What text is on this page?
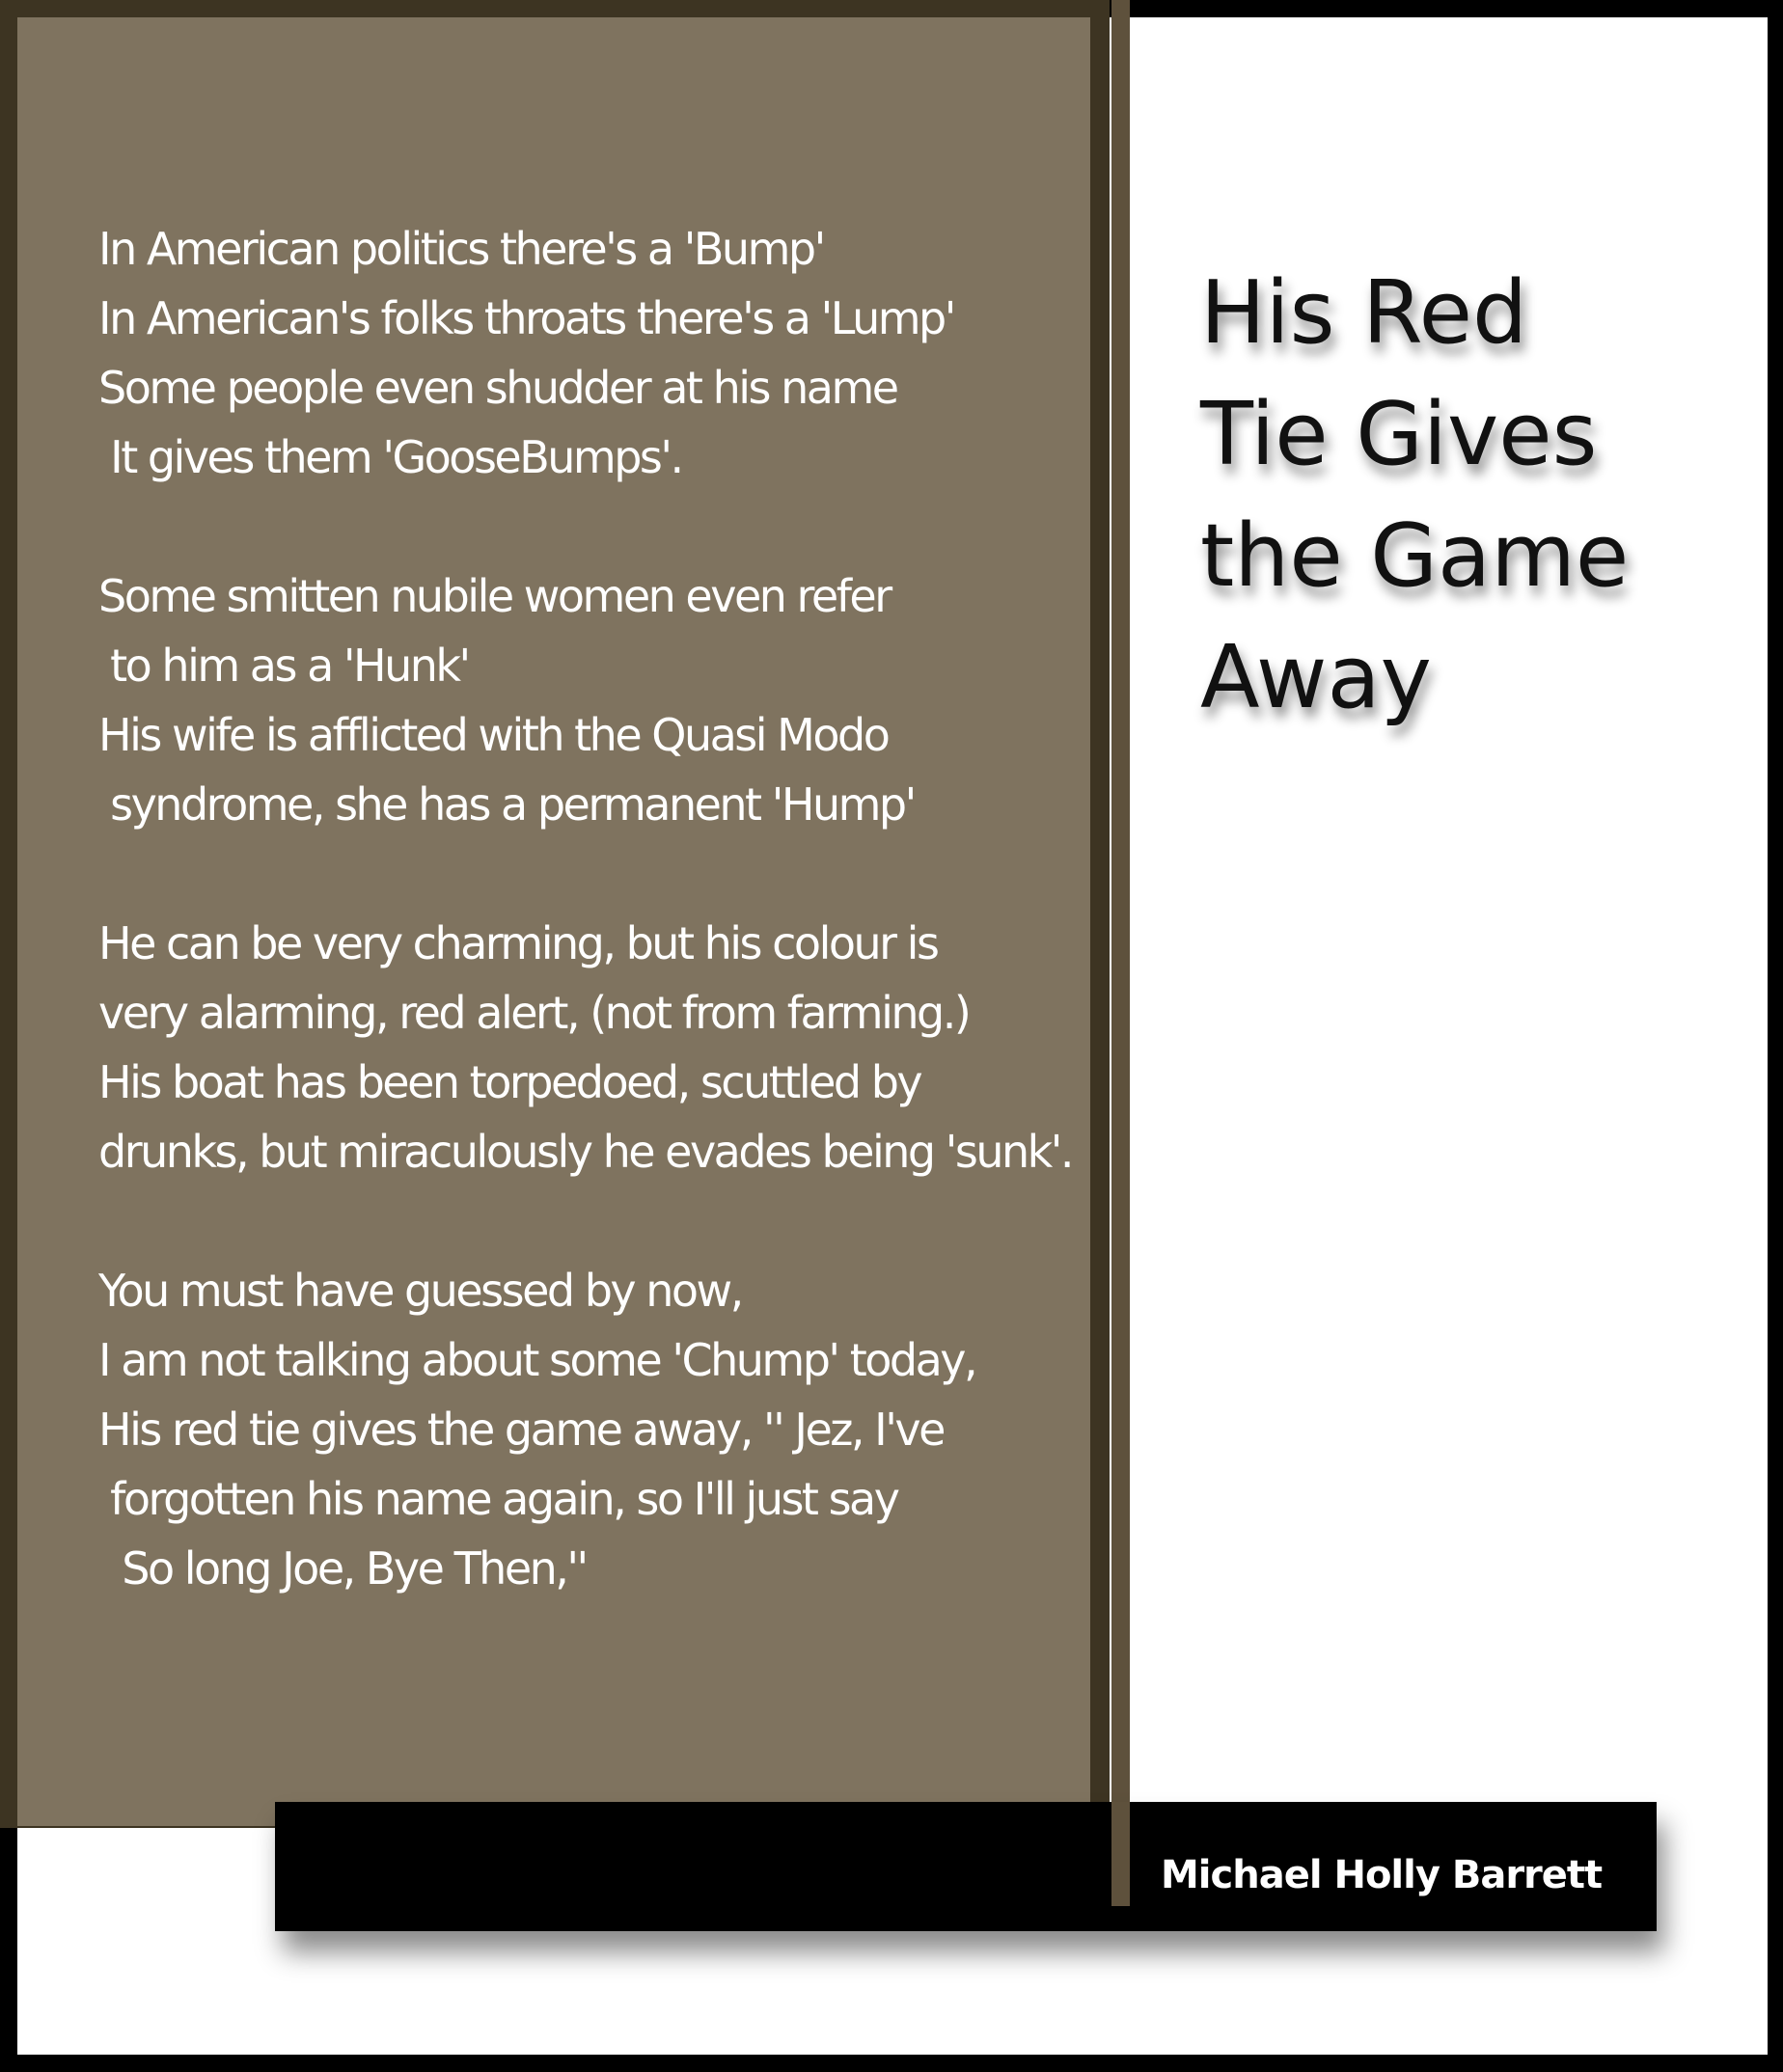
In American politics there's a 'Bump'
In American's folks throats there's a 'Lump'
Some people even shudder at his name
It gives them 'GooseBumps'.
Some smitten nubile women even refer
to him as a 'Hunk'
His wife is afflicted with the Quasi Modo
syndrome, she has a permanent 'Hump'
He can be very charming, but his colour is
very alarming, red alert, (not from farming.)
His boat has been torpedoed, scuttled by
drunks, but miraculously he evades being 'sunk'.
You must have guessed by now,
I am not talking about some 'Chump' today,
His red tie gives the game away, '' Jez, I've
forgotten his name again, so I'll just say
So long Joe, Bye Then,''
His Red
Tie Gives
the Game
Away

Michael Holly Barrett
